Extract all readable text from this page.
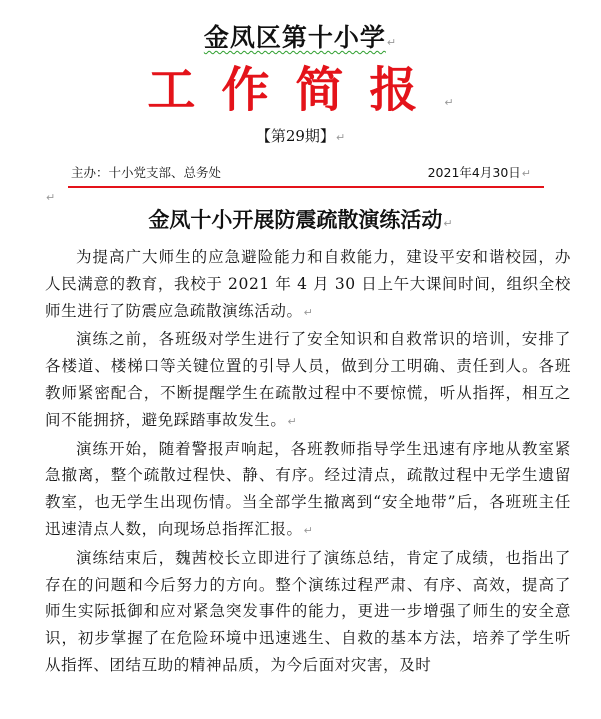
金凤区第十小学↵
工作简报↵
【第29期】↵
主办：十小党支部、总务处	2021年4月30日↵
↵
金凤十小开展防震疏散演练活动↵

为提高广大师生的应急避险能力和自救能力，建设平安和谐校园，办人民满意的教育，我校于 2021 年 4 月 30 日上午大课间时间，组织全校师生进行了防震应急疏散演练活动。↵

演练之前，各班级对学生进行了安全知识和自救常识的培训，安排了各楼道、楼梯口等关键位置的引导人员，做到分工明确、责任到人。各班教师紧密配合，不断提醒学生在疏散过程中不要惊慌，听从指挥，相互之间不能拥挤，避免踩踏事故发生。↵

演练开始，随着警报声响起，各班教师指导学生迅速有序地从教室紧急撤离，整个疏散过程快、静、有序。经过清点，疏散过程中无学生遗留教室，也无学生出现伤情。当全部学生撤离到“安全地带”后，各班班主任迅速清点人数，向现场总指挥汇报。↵

演练结束后，魏茜校长立即进行了演练总结，肯定了成绩，也指出了存在的问题和今后努力的方向。整个演练过程严肃、有序、高效，提高了师生实际抵御和应对紧急突发事件的能力，更进一步增强了师生的安全意识，初步掌握了在危险环境中迅速逃生、自救的基本方法，培养了学生听从指挥、团结互助的精神品质，为今后面对灾害，及时
